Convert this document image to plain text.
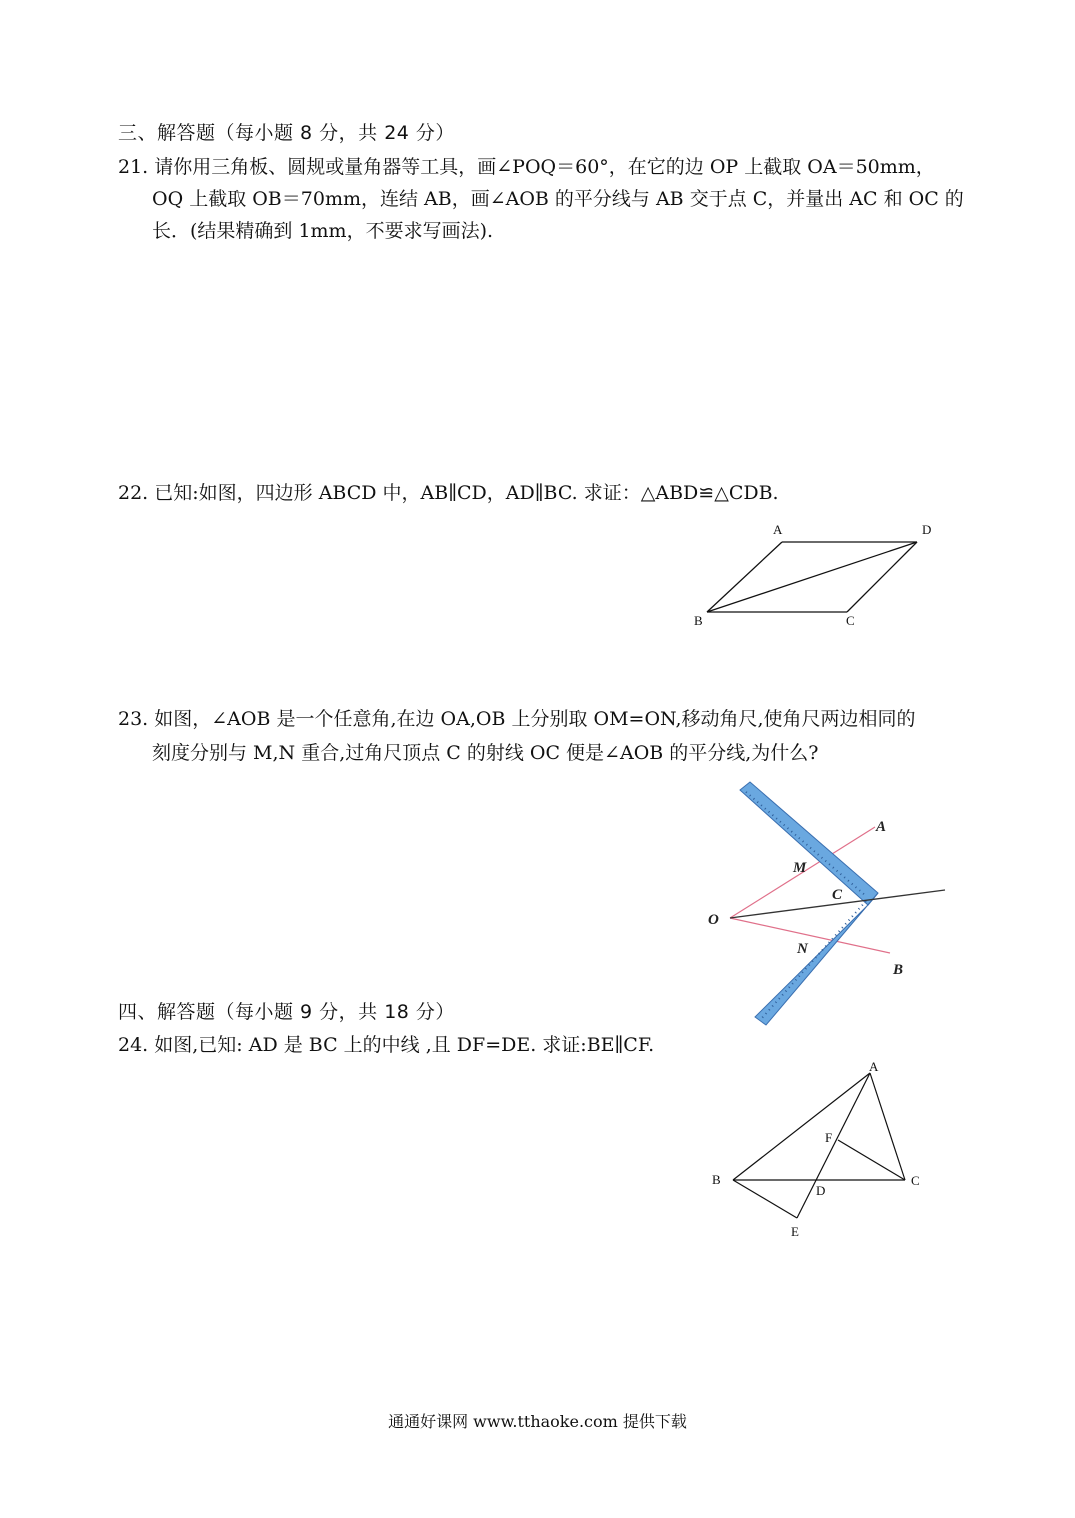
三、解答题（每小题 8 分，共 24 分）
21. 请你用三角板、圆规或量角器等工具，画∠POQ＝60°，在它的边 OP 上截取 OA＝50mm，
OQ 上截取 OB＝70mm，连结 AB，画∠AOB 的平分线与 AB 交于点 C，并量出 AC 和 OC 的
长．(结果精确到 1mm，不要求写画法).
22. 已知:如图，四边形 ABCD 中，AB∥CD，AD∥BC. 求证：△ABD≌△CDB.
A	D
B	C
23. 如图，∠AOB 是一个任意角,在边 OA,OB 上分别取 OM=ON,移动角尺,使角尺两边相同的
刻度分别与 M,N 重合,过角尺顶点 C 的射线 OC 便是∠AOB 的平分线,为什么?
O
M
C
N
A
B
四、解答题（每小题 9 分，共 18 分）
24. 如图,已知: AD 是 BC 上的中线 ,且 DF=DE. 求证:BE∥CF.
A
F
B
D
C
E
通通好课网 www.tthaoke.com 提供下载
